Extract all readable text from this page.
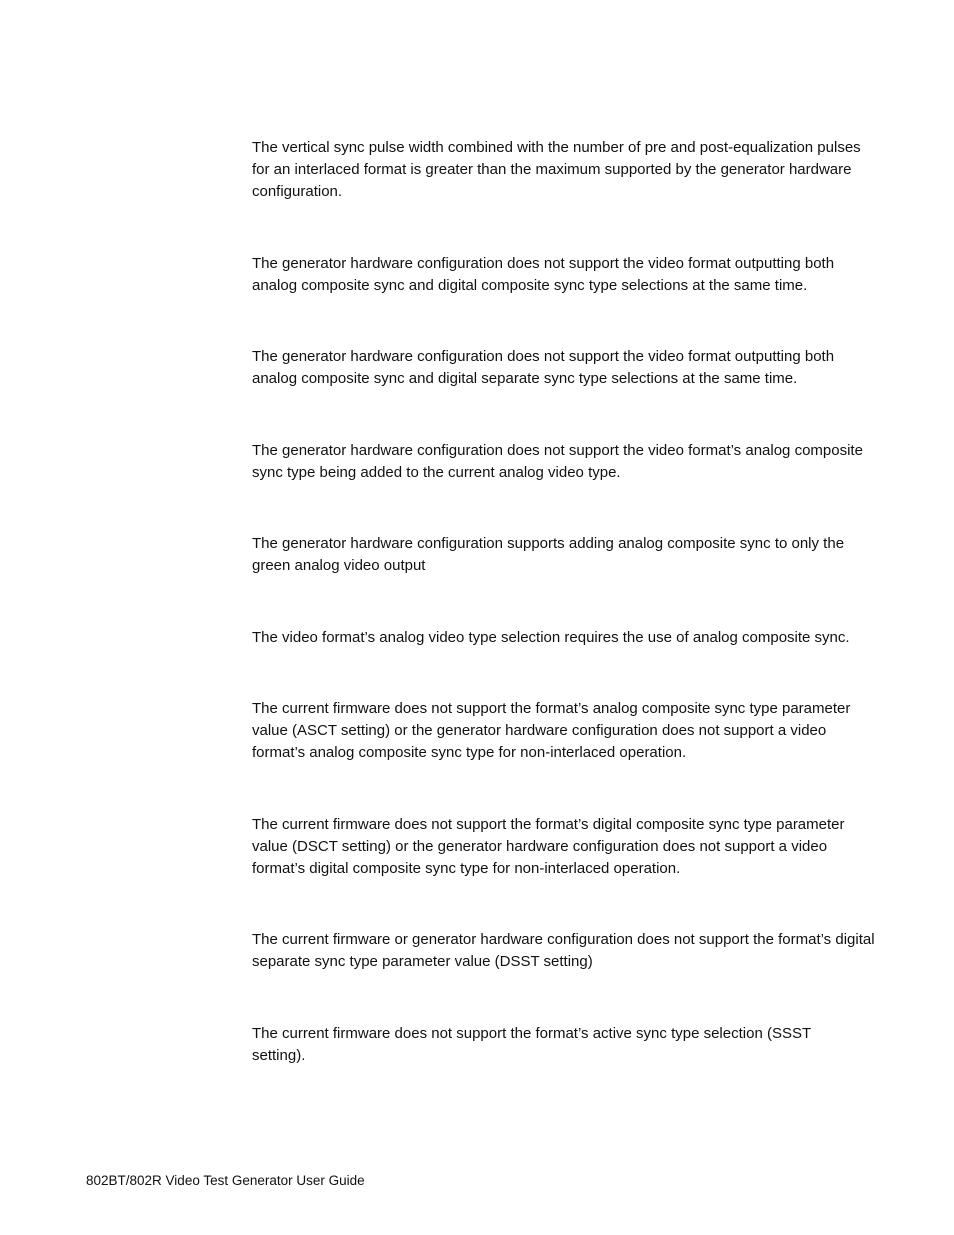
The vertical sync pulse width combined with the number of pre and post-equalization pulses for an interlaced format is greater than the maximum supported by the generator hardware configuration.

The generator hardware configuration does not support the video format outputting both analog composite sync and digital composite sync type selections at the same time.

The generator hardware configuration does not support the video format outputting both analog composite sync and digital separate sync type selections at the same time.

The generator hardware configuration does not support the video format’s analog composite sync type being added to the current analog video type.

The generator hardware configuration supports adding analog composite sync to only the green analog video output

The video format’s analog video type selection requires the use of analog composite sync.

The current firmware does not support the format’s analog composite sync type parameter value (ASCT setting) or the generator hardware configuration does not support a video format’s analog composite sync type for non-interlaced operation.

The current firmware does not support the format’s digital composite sync type parameter value (DSCT setting) or the generator hardware configuration does not support a video format’s digital composite sync type for non-interlaced operation.

The current firmware or generator hardware configuration does not support the format’s digital separate sync type parameter value (DSST setting)

The current firmware does not support the format’s active sync type selection (SSST setting).

802BT/802R Video Test Generator User Guide
